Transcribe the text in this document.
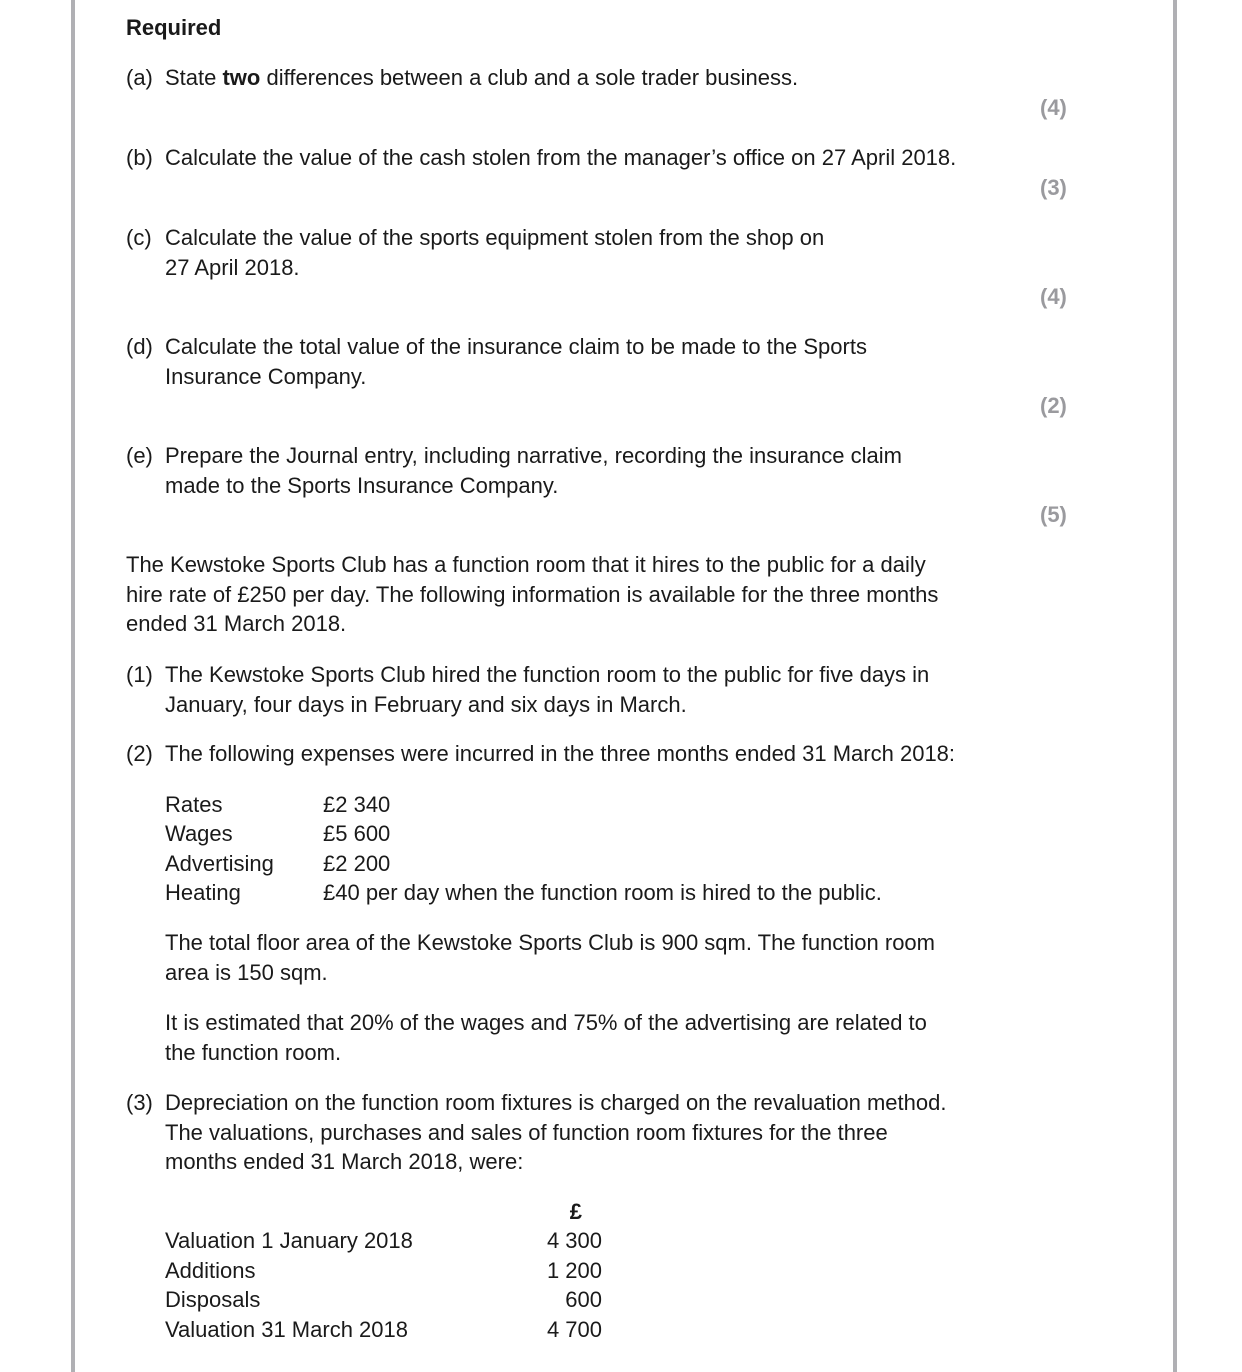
Required
(a) State two differences between a club and a sole trader business.
(4)
(b) Calculate the value of the cash stolen from the manager’s office on 27 April 2018.
(3)
(c) Calculate the value of the sports equipment stolen from the shop on
27 April 2018.
(4)
(d) Calculate the total value of the insurance claim to be made to the Sports
Insurance Company.
(2)
(e) Prepare the Journal entry, including narrative, recording the insurance claim
made to the Sports Insurance Company.
(5)
The Kewstoke Sports Club has a function room that it hires to the public for a daily
hire rate of £250 per day. The following information is available for the three months
ended 31 March 2018.
(1) The Kewstoke Sports Club hired the function room to the public for five days in
January, four days in February and six days in March.
(2) The following expenses were incurred in the three months ended 31 March 2018:
Rates	£2 340
Wages	£5 600
Advertising £2 200
Heating	£40 per day when the function room is hired to the public.
The total floor area of the Kewstoke Sports Club is 900 sqm. The function room
area is 150 sqm.
It is estimated that 20% of the wages and 75% of the advertising are related to
the function room.
(3) Depreciation on the function room fixtures is charged on the revaluation method.
The valuations, purchases and sales of function room fixtures for the three
months ended 31 March 2018, were:
£
Valuation 1 January 2018	4 300
Additions	1 200
Disposals	600
Valuation 31 March 2018	4 700
